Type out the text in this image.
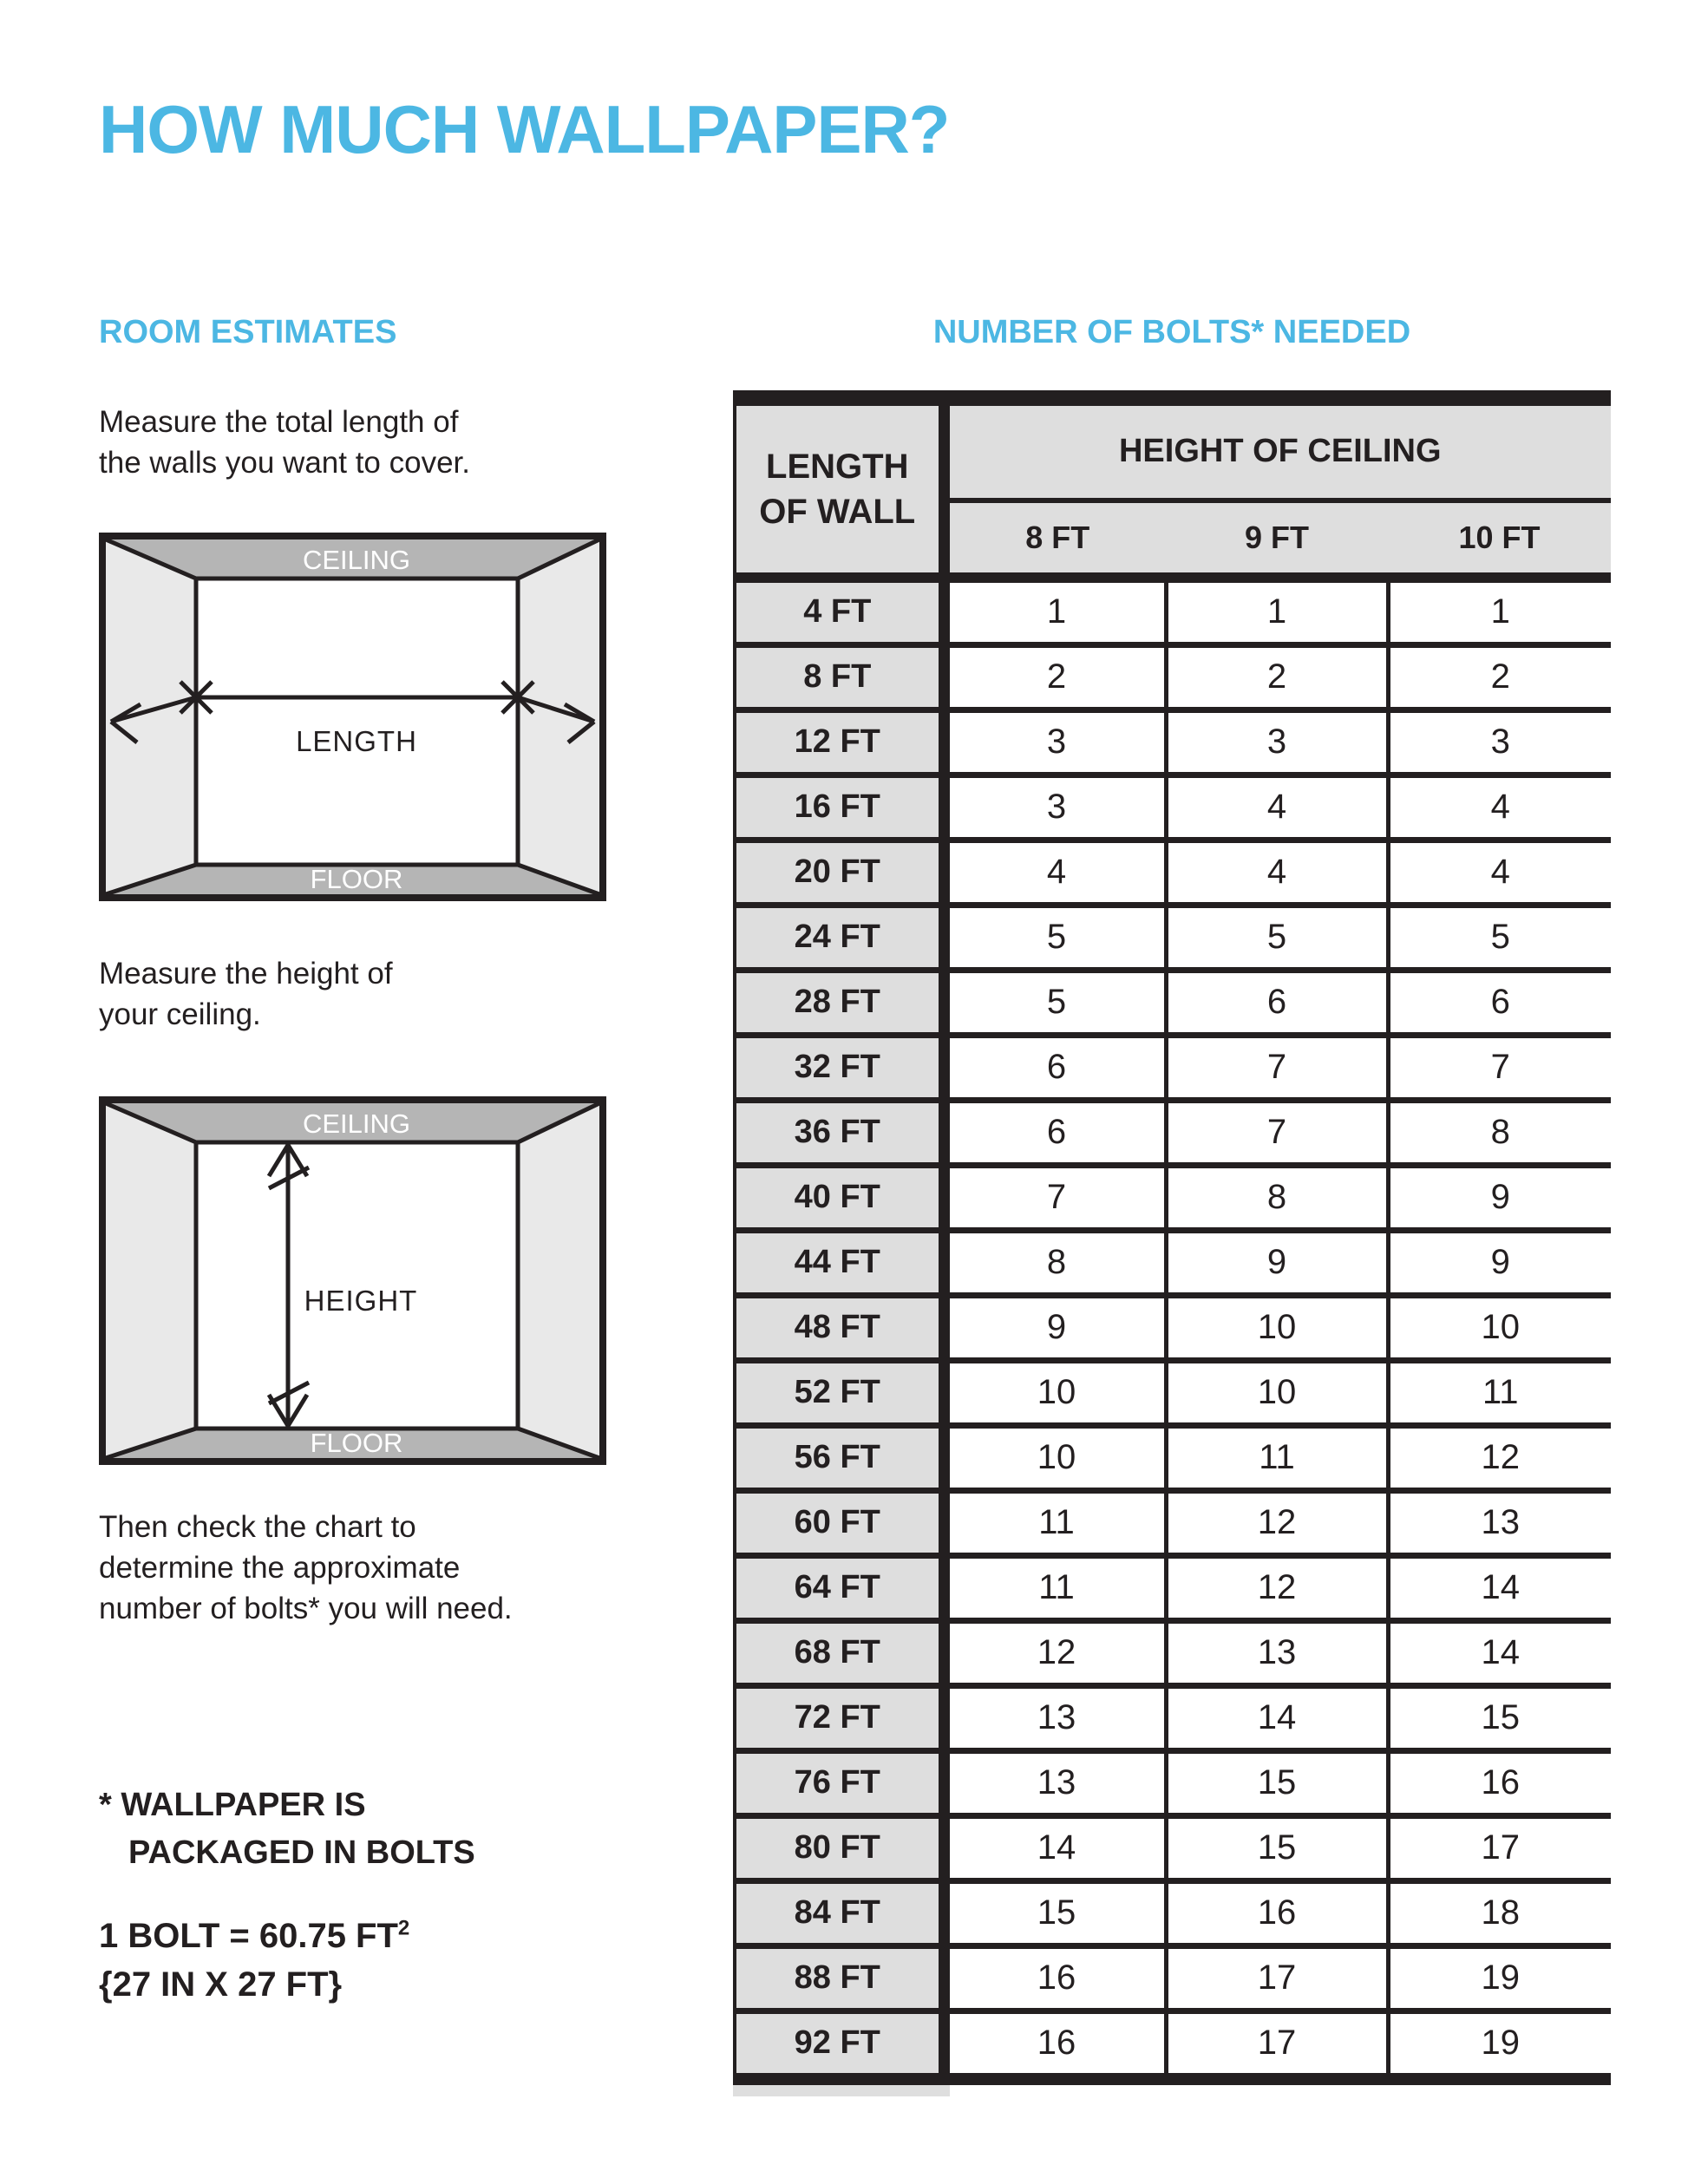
HOW MUCH WALLPAPER?
ROOM ESTIMATES

Measure the total length of
the walls you want to cover.

CEILING
FLOOR
LENGTH

Measure the height of
your ceiling.

CEILING
FLOOR
HEIGHT

Then check the chart to
determine the approximate
number of bolts* you will need.

* WALLPAPER IS
PACKAGED IN BOLTS
1 BOLT = 60.75 $FT^2$
{27 IN X 27 FT}
NUMBER OF BOLTS* NEEDED
LENGTH
OF WALL	HEIGHT OF CEILING		
	8 FT	9 FT	10 FT
4 FT	1	1	1
8 FT	2	2	2
12 FT	3	3	3
16 FT	3	4	4
20 FT	4	4	4
24 FT	5	5	5
28 FT	5	6	6
32 FT	6	7	7
36 FT	6	7	8
40 FT	7	8	9
44 FT	8	9	9
48 FT	9	10	10
52 FT	10	10	11
56 FT	10	11	12
60 FT	11	12	13
64 FT	11	12	14
68 FT	12	13	14
72 FT	13	14	15
76 FT	13	15	16
80 FT	14	15	17
84 FT	15	16	18
88 FT	16	17	19
92 FT	16	17	19
